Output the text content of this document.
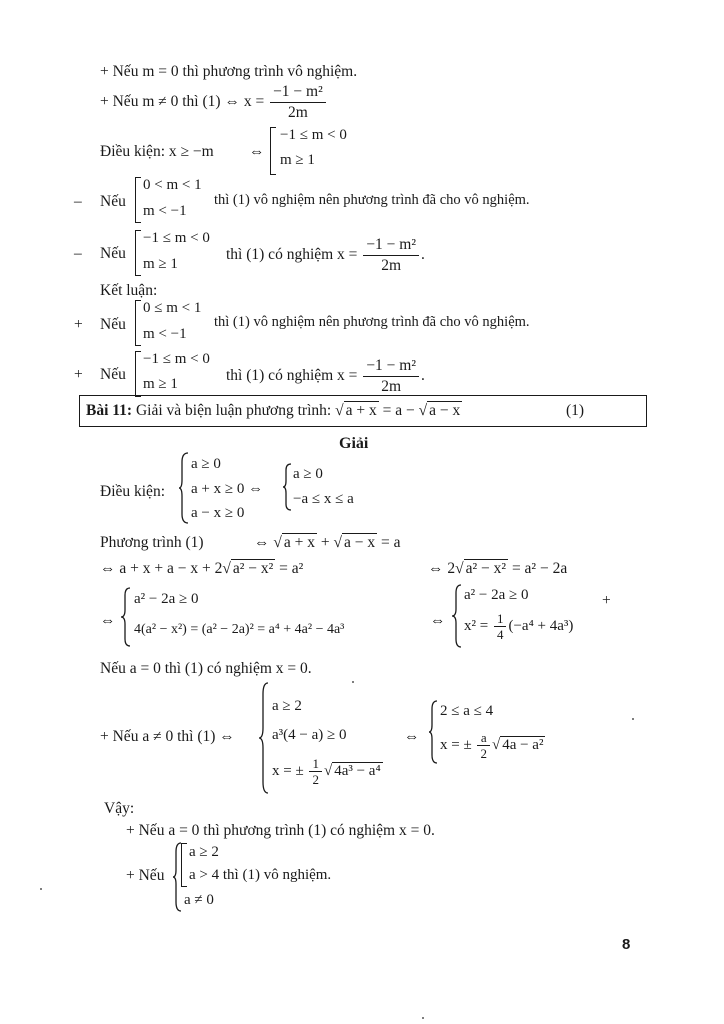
+ Nếu m = 0 thì phương trình vô nghiệm.
+ Nếu m ≠ 0 thì (1) ⇔ $x = \frac{\text{−1 − m²}}{2m}$
Điều kiện: x ≥ −m ⇔
−1 ≤ m < 0
m ≥ 1
– Nếu
0 < m < 1
m < −1
thì (1) vô nghiệm nên phương trình đã cho vô nghiệm.
– Nếu
−1 ≤ m < 0
m ≥ 1
thì (1) có nghiệm $x = \frac{\text{−1 − m²}}{2m}$ .
Kết luận:
+ Nếu
0 ≤ m < 1
m < −1
thì (1) vô nghiệm nên phương trình đã cho vô nghiệm.
+ Nếu
−1 ≤ m < 0
m ≥ 1	thì (1) có nghiệm $x = \frac{\text{−1 − m²}}{2m}$ .
Bài 11: Giải và biện luận phương trình: √ a + x = a − √ a − x	(1)
Giải
Điều kiện:
a ≥ 0
a + x ≥ 0 ⇔
a − x ≥ 0
a ≥ 0
−a ≤ x ≤ a
Phương trình (1)	⇔ √ a + x + √ a − x = a
⇔ a + x + a − x + 2√ a² − x² = a²	⇔ 2√ a² − x² = a² − 2a
⇔
a² − 2a ≥ 0
4(a² − x²) = (a² − 2a)² = a⁴ + 4a² − 4a³
⇔
a² − 2a ≥ 0
$x^2 = \frac{1}{4} (-a^4 + 4a^3)$
+
Nếu a = 0 thì (1) có nghiệm x = 0.
+ Nếu a ≠ 0 thì (1) ⇔
a ≥ 2
a³(4 − a) ≥ 0
x = ± $\frac{1}{2}$ √ 4a³ − a⁴
⇔
2 ≤ a ≤ 4
x = ± $\frac{a}{2}$ √ 4a − a²
Vậy:
+ Nếu a = 0 thì phương trình (1) có nghiệm x = 0.
+ Nếu
a ≥ 2
a > 4 thì (1) vô nghiệm.
a ≠ 0
8
